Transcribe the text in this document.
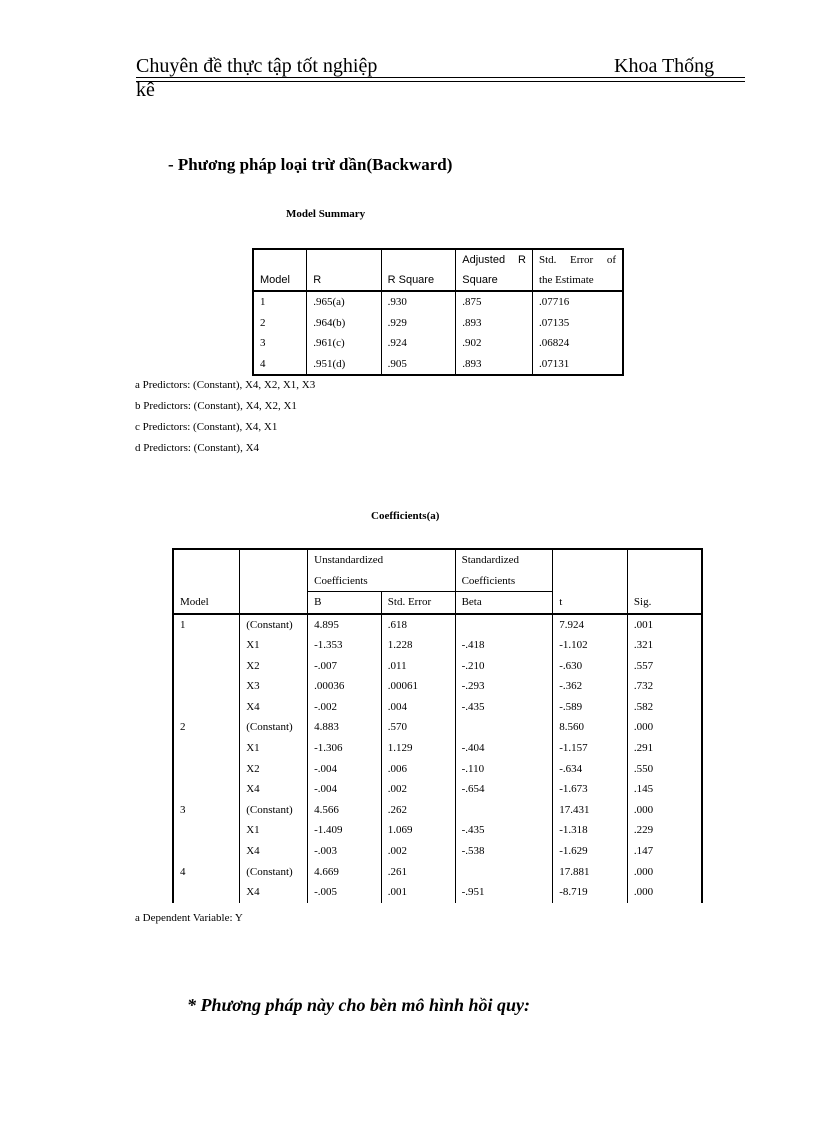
Chuyên đề thực tập tốt nghiệp	Khoa Thống
kê
- Phương pháp loại trừ dần(Backward)
Model Summary

			Adjusted R	Std. Error of

Model	R	R Square	Square	the Estimate
1	.965(a)	.930	.875	.07716
2	.964(b)	.929	.893	.07135
3	.961(c)	.924	.902	.06824
4	.951(d)	.905	.893	.07131
a Predictors: (Constant), X4, X2, X1, X3
b Predictors: (Constant), X4, X2, X1
c Predictors: (Constant), X4, X1
d Predictors: (Constant), X4
Coefficients(a)
		Unstandardized		Standardized		
		Coefficients		Coefficients		
Model		B	Std. Error	Beta	t	Sig.
1	(Constant)	4.895	.618		7.924	.001
	X1	-1.353	1.228	-.418	-1.102	.321
	X2	-.007	.011	-.210	-.630	.557
	X3	.00036	.00061	-.293	-.362	.732
	X4	-.002	.004	-.435	-.589	.582
2	(Constant)	4.883	.570		8.560	.000
	X1	-1.306	1.129	-.404	-1.157	.291
	X2	-.004	.006	-.110	-.634	.550
	X4	-.004	.002	-.654	-1.673	.145
3	(Constant)	4.566	.262		17.431	.000
	X1	-1.409	1.069	-.435	-1.318	.229
	X4	-.003	.002	-.538	-1.629	.147
4	(Constant)	4.669	.261		17.881	.000
	X4	-.005	.001	-.951	-8.719	.000
a Dependent Variable: Y
* Phương pháp này cho bèn mô hình hồi quy:
